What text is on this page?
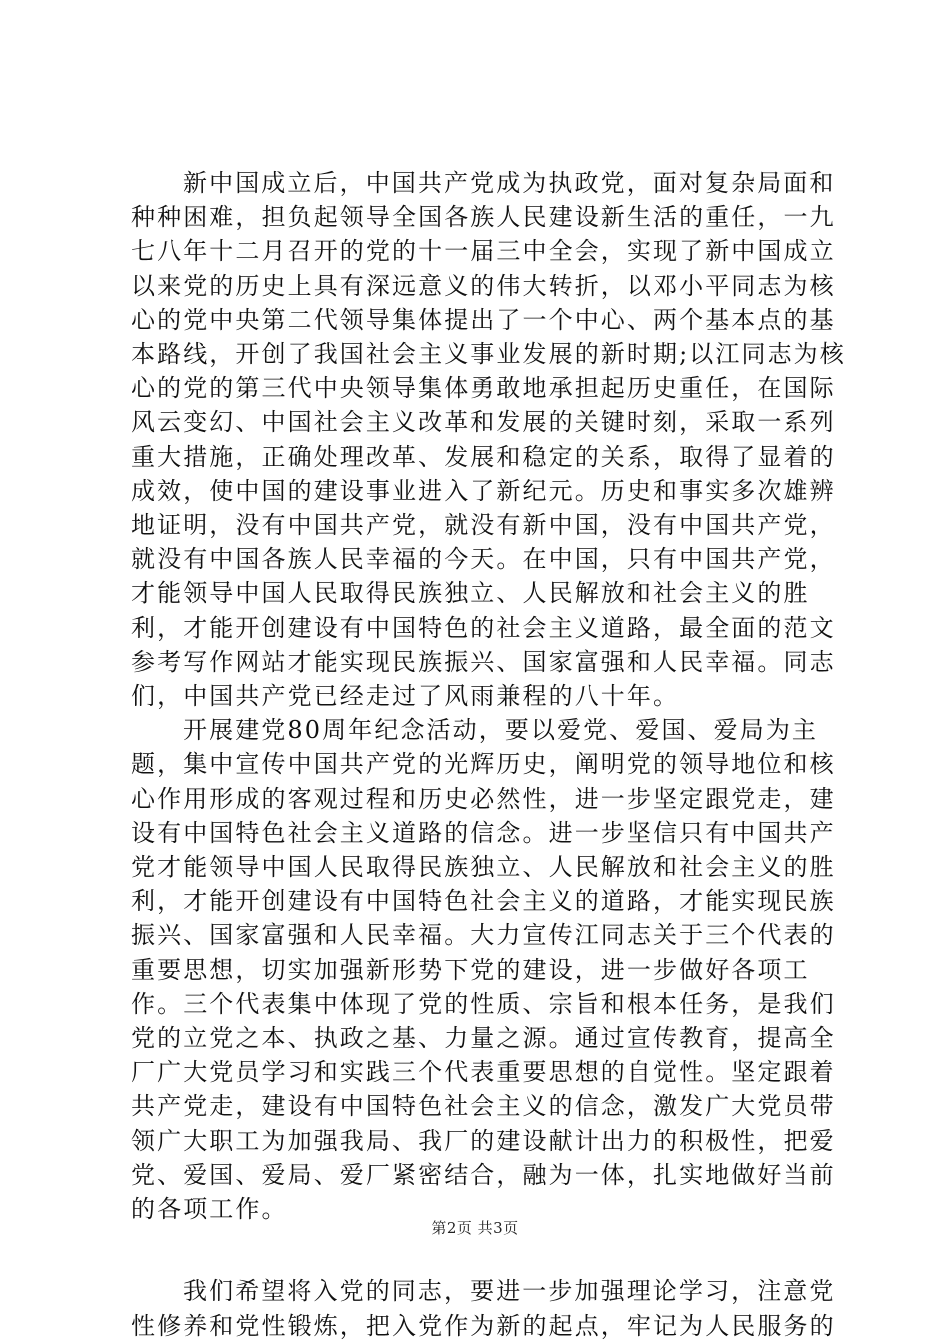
新中国成立后，中国共产党成为执政党，面对复杂局面和种种困难，担负起领导全国各族人民建设新生活的重任，一九七八年十二月召开的党的十一届三中全会，实现了新中国成立以来党的历史上具有深远意义的伟大转折，以邓小平同志为核心的党中央第二代领导集体提出了一个中心、两个基本点的基本路线，开创了我国社会主义事业发展的新时期;以江同志为核心的党的第三代中央领导集体勇敢地承担起历史重任，在国际风云变幻、中国社会主义改革和发展的关键时刻，采取一系列重大措施，正确处理改革、发展和稳定的关系，取得了显着的成效，使中国的建设事业进入了新纪元。历史和事实多次雄辨地证明，没有中国共产党，就没有新中国，没有中国共产党，就没有中国各族人民幸福的今天。在中国，只有中国共产党，才能领导中国人民取得民族独立、人民解放和社会主义的胜利，才能开创建设有中国特色的社会主义道路，最全面的范文参考写作网站才能实现民族振兴、国家富强和人民幸福。同志们，中国共产党已经走过了风雨兼程的八十年。

开展建党80周年纪念活动，要以爱党、爱国、爱局为主题，集中宣传中国共产党的光辉历史，阐明党的领导地位和核心作用形成的客观过程和历史必然性，进一步坚定跟党走，建设有中国特色社会主义道路的信念。进一步坚信只有中国共产党才能领导中国人民取得民族独立、人民解放和社会主义的胜利，才能开创建设有中国特色社会主义的道路，才能实现民族振兴、国家富强和人民幸福。大力宣传江同志关于三个代表的重要思想，切实加强新形势下党的建设，进一步做好各项工作。三个代表集中体现了党的性质、宗旨和根本任务，是我们党的立党之本、执政之基、力量之源。通过宣传教育，提高全厂广大党员学习和实践三个代表重要思想的自觉性。坚定跟着共产党走，建设有中国特色社会主义的信念，激发广大党员带领广大职工为加强我局、我厂的建设献计出力的积极性，把爱党、爱国、爱局、爱厂紧密结合，融为一体，扎实地做好当前的各项工作。

我们希望将入党的同志，要进一步加强理论学习，注意党性修养和党性锻炼，把入党作为新的起点，牢记为人民服务的

第2页 共3页
